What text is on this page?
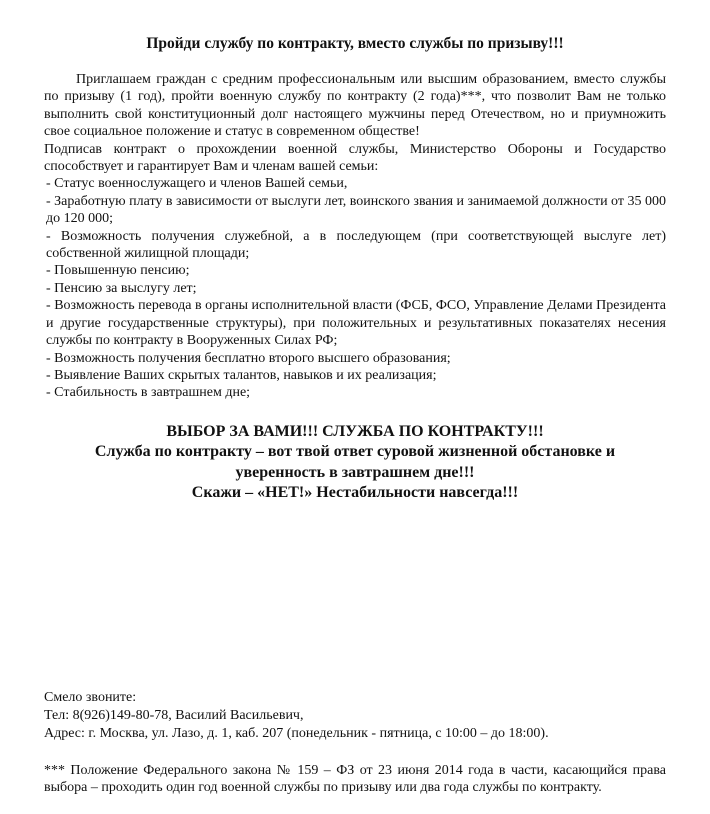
Пройди службу по контракту, вместо службы по призыву!!!

Приглашаем граждан с средним профессиональным или высшим образованием, вместо службы по призыву (1 год), пройти военную службу по контракту (2 года)***, что позволит Вам не только выполнить свой конституционный долг настоящего мужчины перед Отечеством, но и приумножить свое социальное положение и статус в современном обществе!

Подписав контракт о прохождении военной службы, Министерство Обороны и Государство способствует и гарантирует Вам и членам вашей семьи:

- Статус военнослужащего и членов Вашей семьи,
- Заработную плату в зависимости от выслуги лет, воинского звания и занимаемой должности от 35 000 до 120 000;
- Возможность получения служебной, а в последующем (при соответствующей выслуге лет) собственной жилищной площади;
- Повышенную пенсию;
- Пенсию за выслугу лет;
- Возможность перевода в органы исполнительной власти (ФСБ, ФСО, Управление Делами Президента и другие государственные структуры), при положительных и результативных показателях несения службы по контракту в Вооруженных Силах РФ;
- Возможность получения бесплатно второго высшего образования;
- Выявление Ваших скрытых талантов, навыков и их реализация;
- Стабильность в завтрашнем дне;
ВЫБОР ЗА ВАМИ!!! СЛУЖБА ПО КОНТРАКТУ!!!
Служба по контракту – вот твой ответ суровой жизненной обстановке и
уверенность в завтрашнем дне!!!
Скажи – «НЕТ!» Нестабильности навсегда!!!
Смело звоните:
Тел: 8(926)149-80-78, Василий Васильевич,
Адрес: г. Москва, ул. Лазо, д. 1, каб. 207 (понедельник - пятница, с 10:00 – до 18:00).
*** Положение Федерального закона № 159 – ФЗ от 23 июня 2014 года в части, касающийся права выбора – проходить один год военной службы по призыву или два года службы по контракту.
